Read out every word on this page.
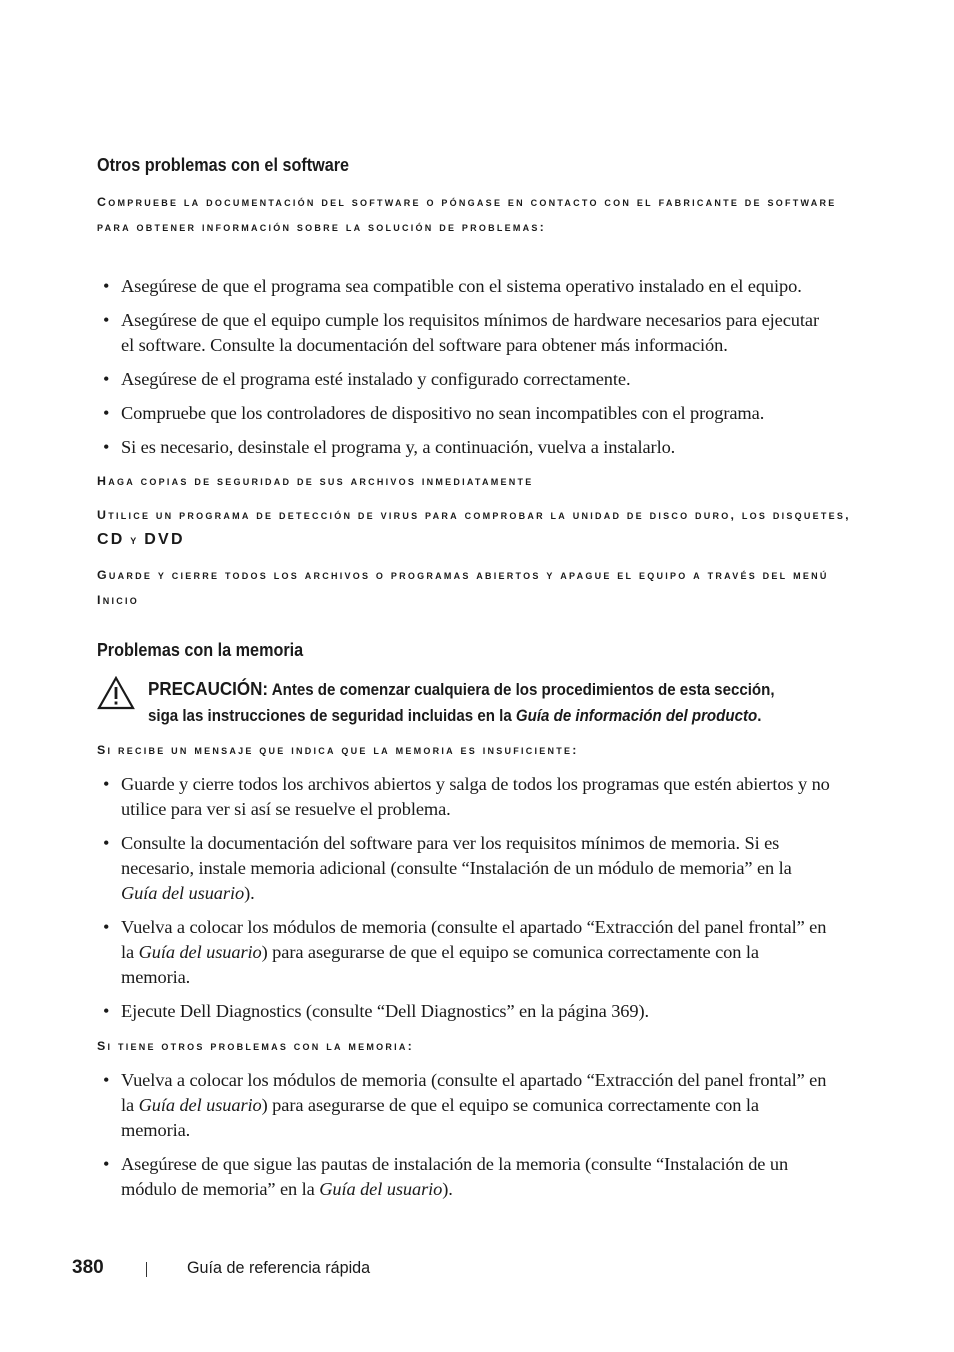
Otros problemas con el software
Compruebe la documentación del software o póngase en contacto con el fabricante de software para obtener información sobre la solución de problemas:
• Asegúrese de que el programa sea compatible con el sistema operativo instalado en el equipo.
• Asegúrese de que el equipo cumple los requisitos mínimos de hardware necesarios para ejecutar el software. Consulte la documentación del software para obtener más información.
• Asegúrese de el programa esté instalado y configurado correctamente.
• Compruebe que los controladores de dispositivo no sean incompatibles con el programa.
• Si es necesario, desinstale el programa y, a continuación, vuelva a instalarlo.
Haga copias de seguridad de sus archivos inmediatamente
Utilice un programa de detección de virus para comprobar la unidad de disco duro, los disquetes, CD y DVD
Guarde y cierre todos los archivos o programas abiertos y apague el equipo a través del menú Inicio
Problemas con la memoria
PRECAUCIÓN: Antes de comenzar cualquiera de los procedimientos de esta sección, siga las instrucciones de seguridad incluidas en la Guía de información del producto.
Si recibe un mensaje que indica que la memoria es insuficiente:
• Guarde y cierre todos los archivos abiertos y salga de todos los programas que estén abiertos y no utilice para ver si así se resuelve el problema.
• Consulte la documentación del software para ver los requisitos mínimos de memoria. Si es necesario, instale memoria adicional (consulte “Instalación de un módulo de memoria” en la Guía del usuario).
• Vuelva a colocar los módulos de memoria (consulte el apartado “Extracción del panel frontal” en la Guía del usuario) para asegurarse de que el equipo se comunica correctamente con la memoria.
• Ejecute Dell Diagnostics (consulte “Dell Diagnostics” en la página 369).
Si tiene otros problemas con la memoria:
• Vuelva a colocar los módulos de memoria (consulte el apartado “Extracción del panel frontal” en la Guía del usuario) para asegurarse de que el equipo se comunica correctamente con la memoria.
• Asegúrese de que sigue las pautas de instalación de la memoria (consulte “Instalación de un módulo de memoria” en la Guía del usuario).
380	Guía de referencia rápida
